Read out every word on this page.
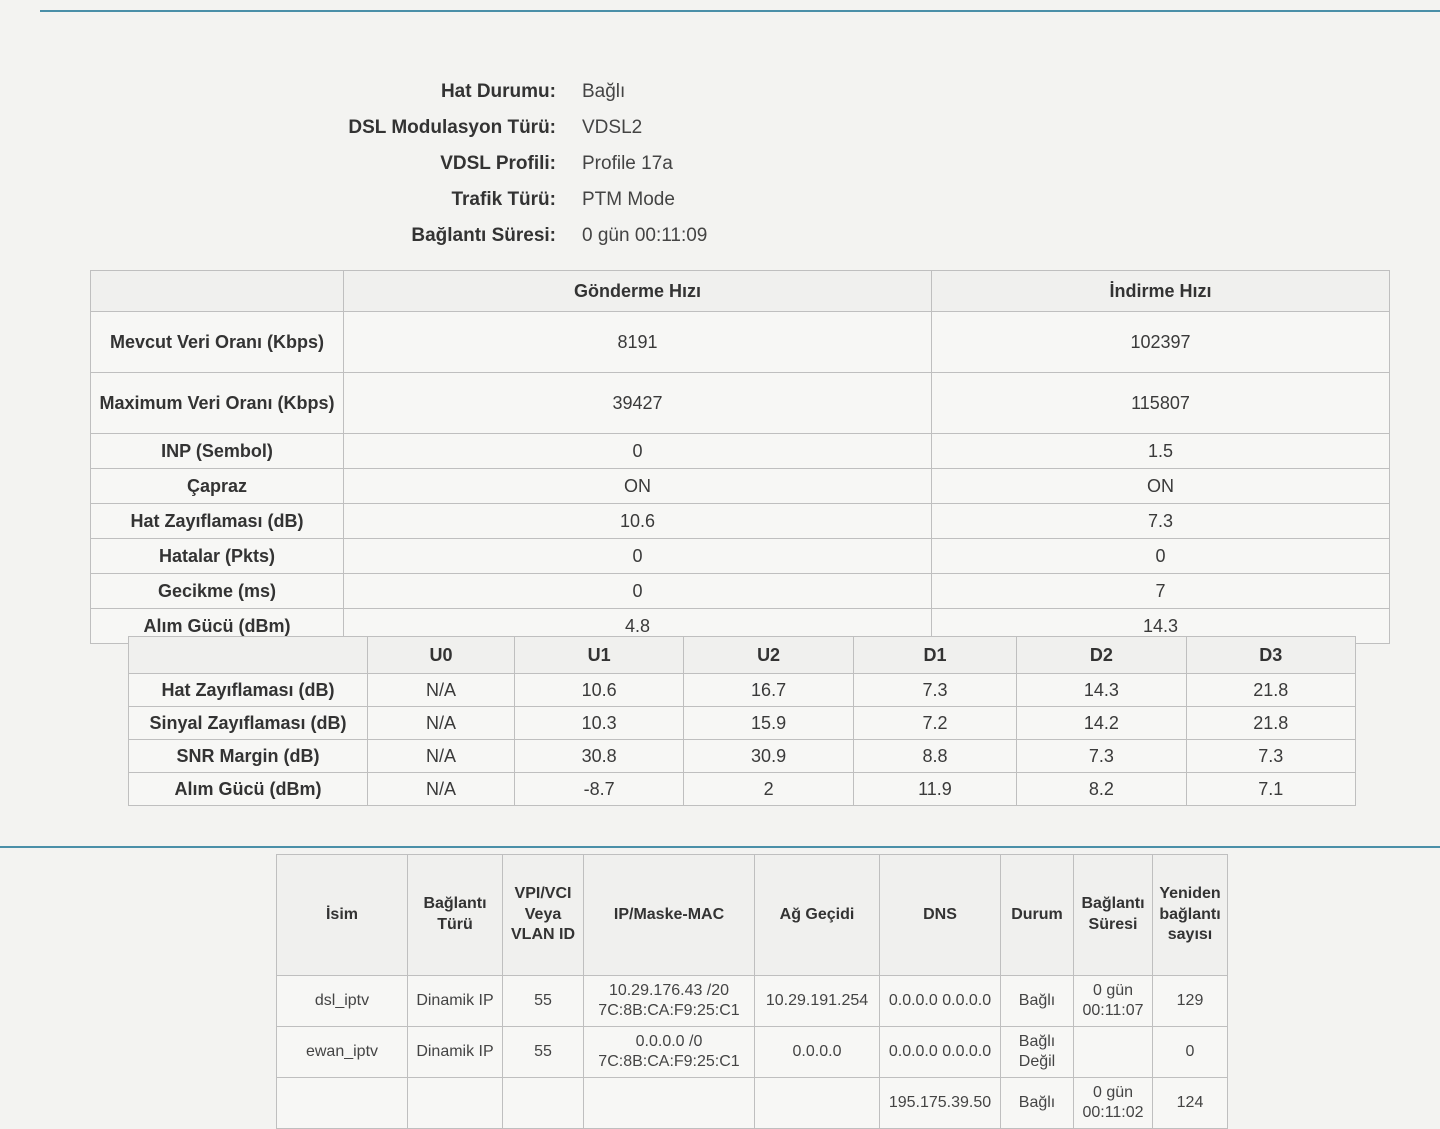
Hat Durumu: Bağlı
DSL Modulasyon Türü: VDSL2
VDSL Profili: Profile 17a
Trafik Türü: PTM Mode
Bağlantı Süresi: 0 gün 00:11:09
	Gönderme Hızı	İndirme Hızı
Mevcut Veri Oranı (Kbps)	8191	102397
Maximum Veri Oranı (Kbps)	39427	115807
INP (Sembol)	0	1.5
Çapraz	ON	ON
Hat Zayıflaması (dB)	10.6	7.3
Hatalar (Pkts)	0	0
Gecikme (ms)	0	7
Alım Gücü (dBm)	4.8	14.3
	U0	U1	U2	D1	D2	D3
Hat Zayıflaması (dB)	N/A	10.6	16.7	7.3	14.3	21.8
Sinyal Zayıflaması (dB)	N/A	10.3	15.9	7.2	14.2	21.8
SNR Margin (dB)	N/A	30.8	30.9	8.8	7.3	7.3
Alım Gücü (dBm)	N/A	-8.7	2	11.9	8.2	7.1
İsim	Bağlantı Türü	VPI/VCI Veya VLAN ID	IP/Maske-MAC	Ağ Geçidi	DNS	Durum	Bağlantı Süresi	Yeniden bağlantı sayısı
dsl_iptv	Dinamik IP	55	10.29.176.43 /20
7C:8B:CA:F9:25:C1	10.29.191.254	0.0.0.0 0.0.0.0	Bağlı	0 gün 00:11:07	129
ewan_iptv	Dinamik IP	55	0.0.0.0 /0
7C:8B:CA:F9:25:C1	0.0.0.0	0.0.0.0 0.0.0.0	Bağlı Değil		0

		195.175.39.50	Bağlı	0 gün 00:11:02	124
